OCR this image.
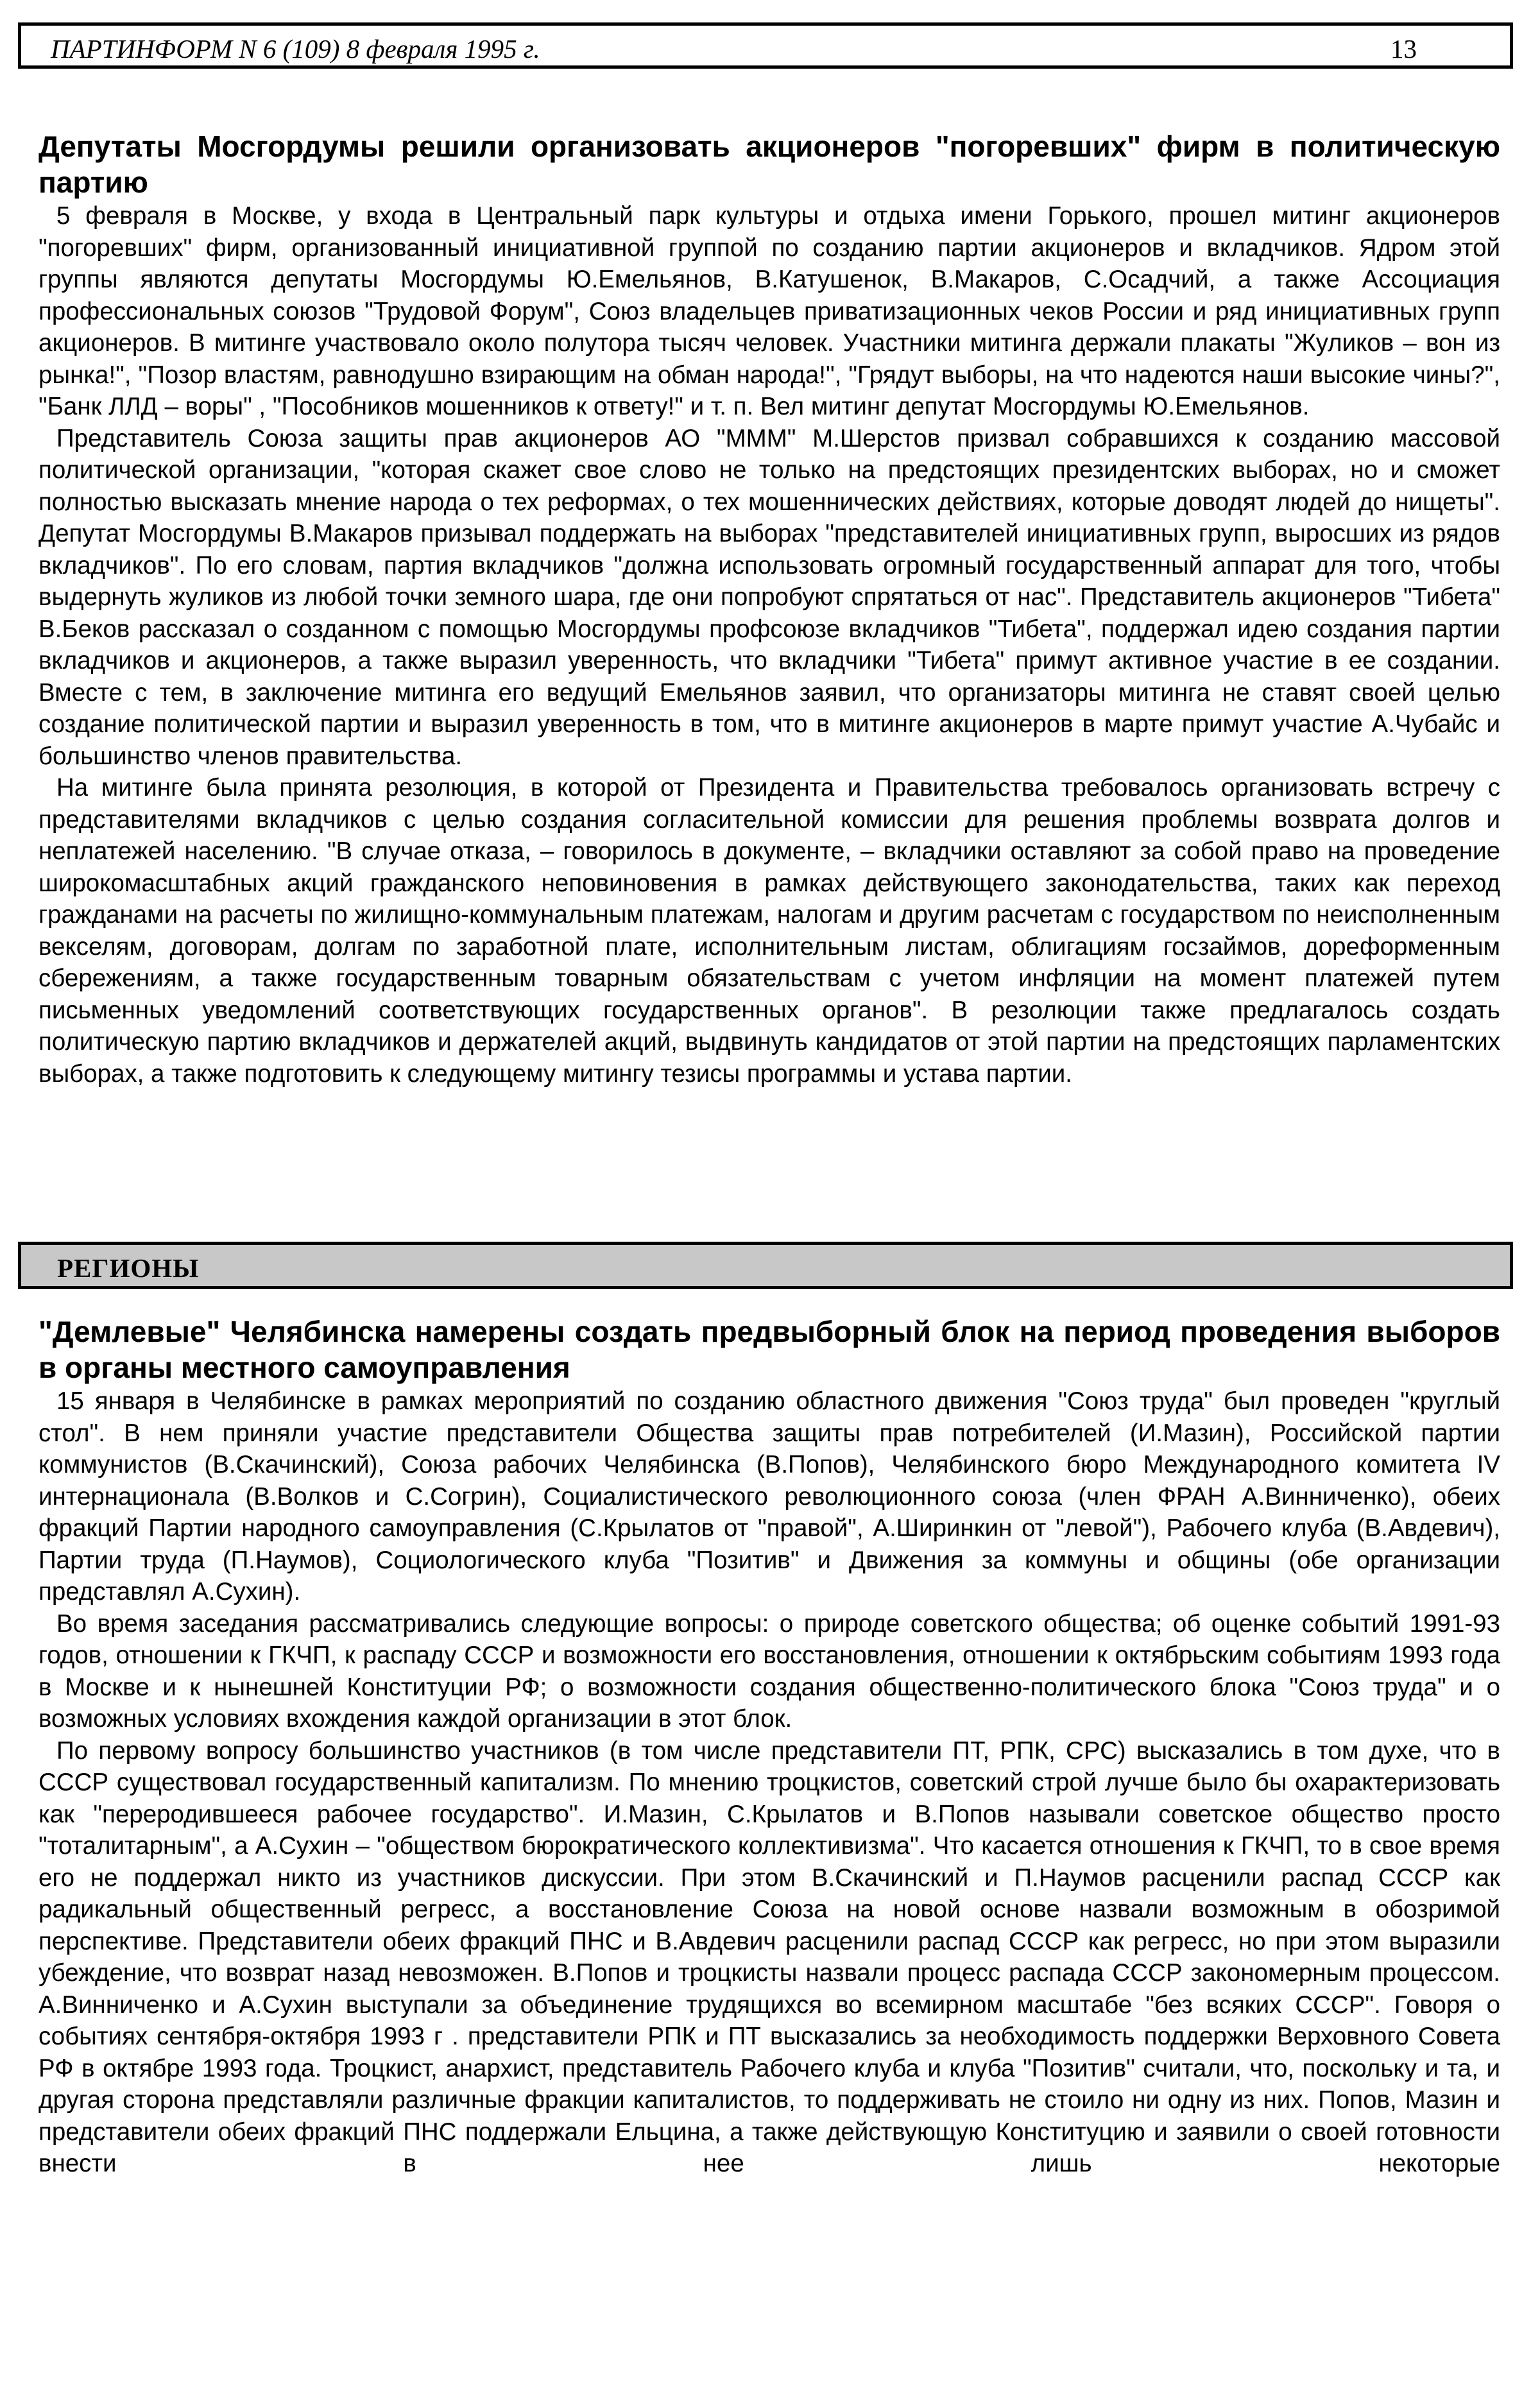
ПАРТИНФОРМ N 6 (109) 8 февраля 1995 г.	13
Депутаты Мосгордумы решили организовать акционеров "погоревших" фирм в политическую партию

5 февраля в Москве, у входа в Центральный парк культуры и отдыха имени Горького, прошел митинг акционеров "погоревших" фирм, организованный инициативной группой по созданию партии акционеров и вкладчиков. Ядром этой группы являются депутаты Мосгордумы Ю.Емельянов, В.Катушенок, В.Макаров, С.Осадчий, а также Ассоциация профессиональных союзов "Трудовой Форум", Союз владельцев приватизационных чеков России и ряд инициативных групп акционеров. В митинге участвовало около полутора тысяч человек. Участники митинга держали плакаты "Жуликов – вон из рынка!", "Позор властям, равнодушно взирающим на обман народа!", "Грядут выборы, на что надеются наши высокие чины?", "Банк ЛЛД – воры" , "Пособников мошенников к ответу!" и т. п. Вел митинг депутат Мосгордумы Ю.Емельянов.

Представитель Союза защиты прав акционеров АО "МММ" М.Шерстов призвал собравшихся к созданию массовой политической организации, "которая скажет свое слово не только на предстоящих президентских выборах, но и сможет полностью высказать мнение народа о тех реформах, о тех мошеннических действиях, которые доводят людей до нищеты". Депутат Мосгордумы В.Макаров призывал поддержать на выборах "представителей инициативных групп, выросших из рядов вкладчиков". По его словам, партия вкладчиков "должна использовать огромный государственный аппарат для того, чтобы выдернуть жуликов из любой точки земного шара, где они попробуют спрятаться от нас". Представитель акционеров "Тибета" В.Беков рассказал о созданном с помощью Мосгордумы профсоюзе вкладчиков "Тибета", поддержал идею создания партии вкладчиков и акционеров, а также выразил уверенность, что вкладчики "Тибета" примут активное участие в ее создании. Вместе с тем, в заключение митинга его ведущий Емельянов заявил, что организаторы митинга не ставят своей целью создание политической партии и выразил уверенность в том, что в митинге акционеров в марте примут участие А.Чубайс и большинство членов правительства.

На митинге была принята резолюция, в которой от Президента и Правительства требовалось организовать встречу с представителями вкладчиков с целью создания согласительной комиссии для решения проблемы возврата долгов и неплатежей населению. "В случае отказа, – говорилось в документе, – вкладчики оставляют за собой право на проведение широкомасштабных акций гражданского неповиновения в рамках действующего законодательства, таких как переход гражданами на расчеты по жилищно-коммунальным платежам, налогам и другим расчетам с государством по неисполненным векселям, договорам, долгам по заработной плате, исполнительным листам, облигациям госзаймов, дореформенным сбережениям, а также государственным товарным обязательствам с учетом инфляции на момент платежей путем письменных уведомлений соответствующих государственных органов". В резолюции также предлагалось создать политическую партию вкладчиков и держателей акций, выдвинуть кандидатов от этой партии на предстоящих парламентских выборах, а также подготовить к следующему митингу тезисы программы и устава партии.

РЕГИОНЫ
"Демлевые" Челябинска намерены создать предвыборный блок на период проведения выборов в органы местного самоуправления

15 января в Челябинске в рамках мероприятий по созданию областного движения "Союз труда" был проведен "круглый стол". В нем приняли участие представители Общества защиты прав потребителей (И.Мазин), Российской партии коммунистов (В.Скачинский), Союза рабочих Челябинска (В.Попов), Челябинского бюро Международного комитета IV интернационала (В.Волков и С.Согрин), Социалистического революционного союза (член ФРАН А.Винниченко), обеих фракций Партии народного самоуправления (С.Крылатов от "правой", А.Ширинкин от "левой"), Рабочего клуба (В.Авдевич), Партии труда (П.Наумов), Социологического клуба "Позитив" и Движения за коммуны и общины (обе организации представлял А.Сухин).

Во время заседания рассматривались следующие вопросы: о природе советского общества; об оценке событий 1991-93 годов, отношении к ГКЧП, к распаду СССР и возможности его восстановления, отношении к октябрьским событиям 1993 года в Москве и к нынешней Конституции РФ; о возможности создания общественно-политического блока "Союз труда" и о возможных условиях вхождения каждой организации в этот блок.

По первому вопросу большинство участников (в том числе представители ПТ, РПК, СРС) высказались в том духе, что в СССР существовал государственный капитализм. По мнению троцкистов, советский строй лучше было бы охарактеризовать как "переродившееся рабочее государство". И.Мазин, С.Крылатов и В.Попов называли советское общество просто "тоталитарным", а А.Сухин – "обществом бюрократического коллективизма". Что касается отношения к ГКЧП, то в свое время его не поддержал никто из участников дискуссии. При этом В.Скачинский и П.Наумов расценили распад СССР как радикальный общественный регресс, а восстановление Союза на новой основе назвали возможным в обозримой перспективе. Представители обеих фракций ПНС и В.Авдевич расценили распад СССР как регресс, но при этом выразили убеждение, что возврат назад невозможен. В.Попов и троцкисты назвали процесс распада СССР закономерным процессом. А.Винниченко и А.Сухин выступали за объединение трудящихся во всемирном масштабе "без всяких СССР". Говоря о событиях сентября-октября 1993 г . представители РПК и ПТ высказались за необходимость поддержки Верховного Совета РФ в октябре 1993 года. Троцкист, анархист, представитель Рабочего клуба и клуба "Позитив" считали, что, поскольку и та, и другая сторона представляли различные фракции капиталистов, то поддерживать не стоило ни одну из них. Попов, Мазин и представители обеих фракций ПНС поддержали Ельцина, а также действующую Конституцию и заявили о своей готовности внести в нее лишь некоторые
